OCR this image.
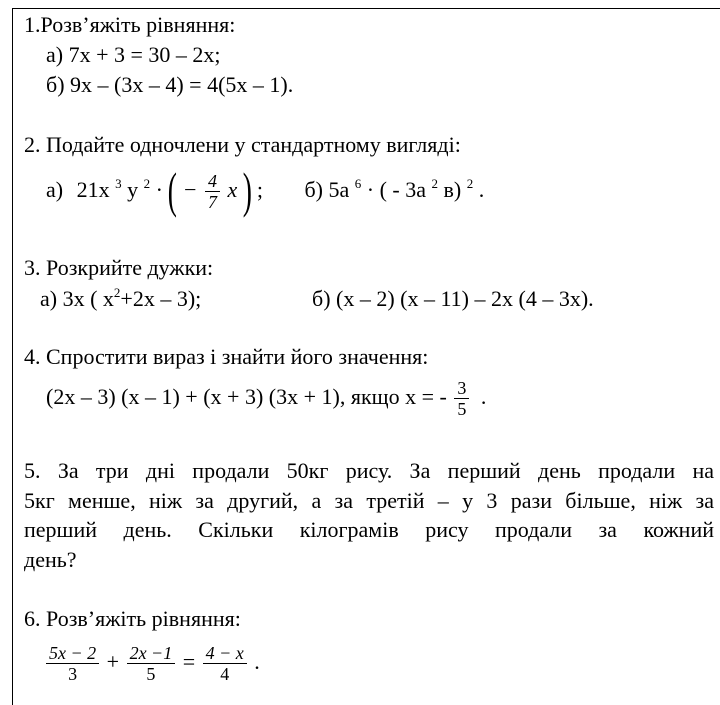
1.Розв’яжіть рівняння:
а) 7х + 3 = 30 – 2х;
б) 9х – (3х – 4) = 4(5х – 1).
2. Подайте одночлени у стандартному вигляді:
а) 21х $^3$ у $^2$ · ( − $\frac{4}{7}$ x ) ; б) 5а $^6$ · ( - 3а $^2$ в) $^2$ .
3. Розкрийте дужки:
а) 3х ( $х^2+2х - 3$);	б) (х – 2) (х – 11) – 2х (4 – 3х).
4. Спростити вираз і знайти його значення:
(2х – 3) (х – 1) + (х + 3) (3х + 1), якщо х = - $\frac{3}{5}$ .
5. За три дні продали 50кг рису. За перший день продали на
5кг менше, ніж за другий, а за третій – у 3 рази більше, ніж за
перший день. Скільки кілограмів рису продали за кожний
день?
6. Розв’яжіть рівняння:
$\frac{5x - 2}{3} + \frac{2x -1}{5} = \frac{4 - x}{4}$ .
